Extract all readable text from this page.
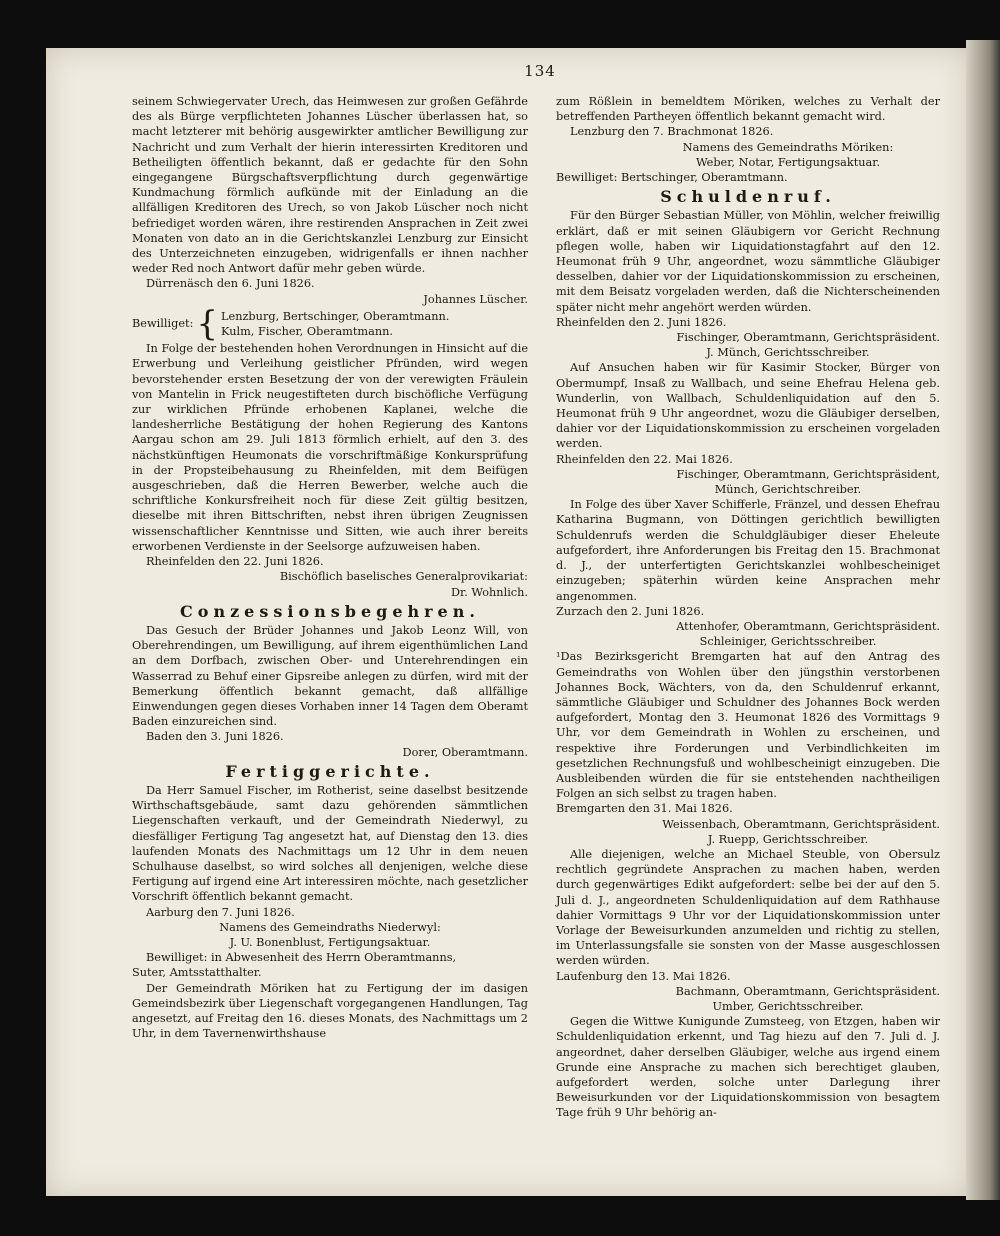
134

seinem Schwiegervater Urech, das Heimwesen zur großen Gefährde des als Bürge verpflichteten Johannes Lüscher überlassen hat, so macht letzterer mit behörig ausgewirkter amtlicher Bewilligung zur Nachricht und zum Verhalt der hierin interessirten Kreditoren und Betheiligten öffentlich bekannt, daß er gedachte für den Sohn eingegangene Bürgschaftsverpflichtung durch gegenwärtige Kundmachung förmlich aufkünde mit der Einladung an die allfälligen Kreditoren des Urech, so von Jakob Lüscher noch nicht befriediget worden wären, ihre restirenden Ansprachen in Zeit zwei Monaten von dato an in die Gerichtskanzlei Lenzburg zur Einsicht des Unterzeichneten einzugeben, widrigenfalls er ihnen nachher weder Red noch Antwort dafür mehr geben würde.

Dürrenäsch den 6. Juni 1826.

Johannes Lüscher.

Bewilliget: { Lenzburg, Bertschinger, Oberamtmann.
Kulm, Fischer, Oberamtmann.

In Folge der bestehenden hohen Verordnungen in Hinsicht auf die Erwerbung und Verleihung geistlicher Pfründen, wird wegen bevorstehender ersten Besetzung der von der verewigten Fräulein von Mantelin in Frick neugestifteten durch bischöfliche Verfügung zur wirklichen Pfründe erhobenen Kaplanei, welche die landesherrliche Bestätigung der hohen Regierung des Kantons Aargau schon am 29. Juli 1813 förmlich erhielt, auf den 3. des nächstkünftigen Heumonats die vorschriftmäßige Konkursprüfung in der Propsteibehausung zu Rheinfelden, mit dem Beifügen ausgeschrieben, daß die Herren Bewerber, welche auch die schriftliche Konkursfreiheit noch für diese Zeit gültig besitzen, dieselbe mit ihren Bittschriften, nebst ihren übrigen Zeugnissen wissenschaftlicher Kenntnisse und Sitten, wie auch ihrer bereits erworbenen Verdienste in der Seelsorge aufzuweisen haben.

Rheinfelden den 22. Juni 1826.

Bischöflich baselisches Generalprovikariat:

Dr. Wohnlich.

Conzessionsbegehren.

Das Gesuch der Brüder Johannes und Jakob Leonz Will, von Oberehrendingen, um Bewilligung, auf ihrem eigenthümlichen Land an dem Dorfbach, zwischen Ober- und Unterehrendingen ein Wasserrad zu Behuf einer Gipsreibe anlegen zu dürfen, wird mit der Bemerkung öffentlich bekannt gemacht, daß allfällige Einwendungen gegen dieses Vorhaben inner 14 Tagen dem Oberamt Baden einzureichen sind.

Baden den 3. Juni 1826.

Dorer, Oberamtmann.

Fertiggerichte.

Da Herr Samuel Fischer, im Rotherist, seine daselbst besitzende Wirthschaftsgebäude, samt dazu gehörenden sämmtlichen Liegenschaften verkauft, und der Gemeindrath Niederwyl, zu diesfälliger Fertigung Tag angesetzt hat, auf Dienstag den 13. dies laufenden Monats des Nachmittags um 12 Uhr in dem neuen Schulhause daselbst, so wird solches all denjenigen, welche diese Fertigung auf irgend eine Art interessiren möchte, nach gesetzlicher Vorschrift öffentlich bekannt gemacht.

Aarburg den 7. Juni 1826.

Namens des Gemeindraths Niederwyl:

J. U. Bonenblust, Fertigungsaktuar.

Bewilliget: in Abwesenheit des Herrn Oberamtmanns,

Suter, Amtsstatthalter.

Der Gemeindrath Möriken hat zu Fertigung der im dasigen Gemeindsbezirk über Liegenschaft vorgegangenen Handlungen, Tag angesetzt, auf Freitag den 16. dieses Monats, des Nachmittags um 2 Uhr, in dem Tavernenwirthshause

zum Rößlein in bemeldtem Möriken, welches zu Verhalt der betreffenden Partheyen öffentlich bekannt gemacht wird.

Lenzburg den 7. Brachmonat 1826.

Namens des Gemeindraths Möriken:

Weber, Notar, Fertigungsaktuar.

Bewilliget: Bertschinger, Oberamtmann.

Schuldenruf.

Für den Bürger Sebastian Müller, von Möhlin, welcher freiwillig erklärt, daß er mit seinen Gläubigern vor Gericht Rechnung pflegen wolle, haben wir Liquidationstagfahrt auf den 12. Heumonat früh 9 Uhr, angeordnet, wozu sämmtliche Gläubiger desselben, dahier vor der Liquidationskommission zu erscheinen, mit dem Beisatz vorgeladen werden, daß die Nichterscheinenden später nicht mehr angehört werden würden.

Rheinfelden den 2. Juni 1826.

Fischinger, Oberamtmann, Gerichtspräsident.

J. Münch, Gerichtsschreiber.

Auf Ansuchen haben wir für Kasimir Stocker, Bürger von Obermumpf, Insaß zu Wallbach, und seine Ehefrau Helena geb. Wunderlin, von Wallbach, Schuldenliquidation auf den 5. Heumonat früh 9 Uhr angeordnet, wozu die Gläubiger derselben, dahier vor der Liquidationskommission zu erscheinen vorgeladen werden.

Rheinfelden den 22. Mai 1826.

Fischinger, Oberamtmann, Gerichtspräsident,

Münch, Gerichtschreiber.

In Folge des über Xaver Schifferle, Fränzel, und dessen Ehefrau Katharina Bugmann, von Döttingen gerichtlich bewilligten Schuldenrufs werden die Schuldgläubiger dieser Eheleute aufgefordert, ihre Anforderungen bis Freitag den 15. Brachmonat d. J., der unterfertigten Gerichtskanzlei wohlbescheiniget einzugeben; späterhin würden keine Ansprachen mehr angenommen.

Zurzach den 2. Juni 1826.

Attenhofer, Oberamtmann, Gerichtspräsident.

Schleiniger, Gerichtsschreiber.

¹Das Bezirksgericht Bremgarten hat auf den Antrag des Gemeindraths von Wohlen über den jüngsthin verstorbenen Johannes Bock, Wächters, von da, den Schuldenruf erkannt, sämmtliche Gläubiger und Schuldner des Johannes Bock werden aufgefordert, Montag den 3. Heumonat 1826 des Vormittags 9 Uhr, vor dem Gemeindrath in Wohlen zu erscheinen, und respektive ihre Forderungen und Verbindlichkeiten im gesetzlichen Rechnungsfuß und wohlbescheinigt einzugeben. Die Ausbleibenden würden die für sie entstehenden nachtheiligen Folgen an sich selbst zu tragen haben.

Bremgarten den 31. Mai 1826.

Weissenbach, Oberamtmann, Gerichtspräsident.

J. Ruepp, Gerichtsschreiber.

Alle diejenigen, welche an Michael Steuble, von Obersulz rechtlich gegründete Ansprachen zu machen haben, werden durch gegenwärtiges Edikt aufgefordert: selbe bei der auf den 5. Juli d. J., angeordneten Schuldenliquidation auf dem Rathhause dahier Vormittags 9 Uhr vor der Liquidationskommission unter Vorlage der Beweisurkunden anzumelden und richtig zu stellen, im Unterlassungsfalle sie sonsten von der Masse ausgeschlossen werden würden.

Laufenburg den 13. Mai 1826.

Bachmann, Oberamtmann, Gerichtspräsident.

Umber, Gerichtsschreiber.

Gegen die Wittwe Kunigunde Zumsteeg, von Etzgen, haben wir Schuldenliquidation erkennt, und Tag hiezu auf den 7. Juli d. J. angeordnet, daher derselben Gläubiger, welche aus irgend einem Grunde eine Ansprache zu machen sich berechtiget glauben, aufgefordert werden, solche unter Darlegung ihrer Beweisurkunden vor der Liquidationskommission von besagtem Tage früh 9 Uhr behörig an-
